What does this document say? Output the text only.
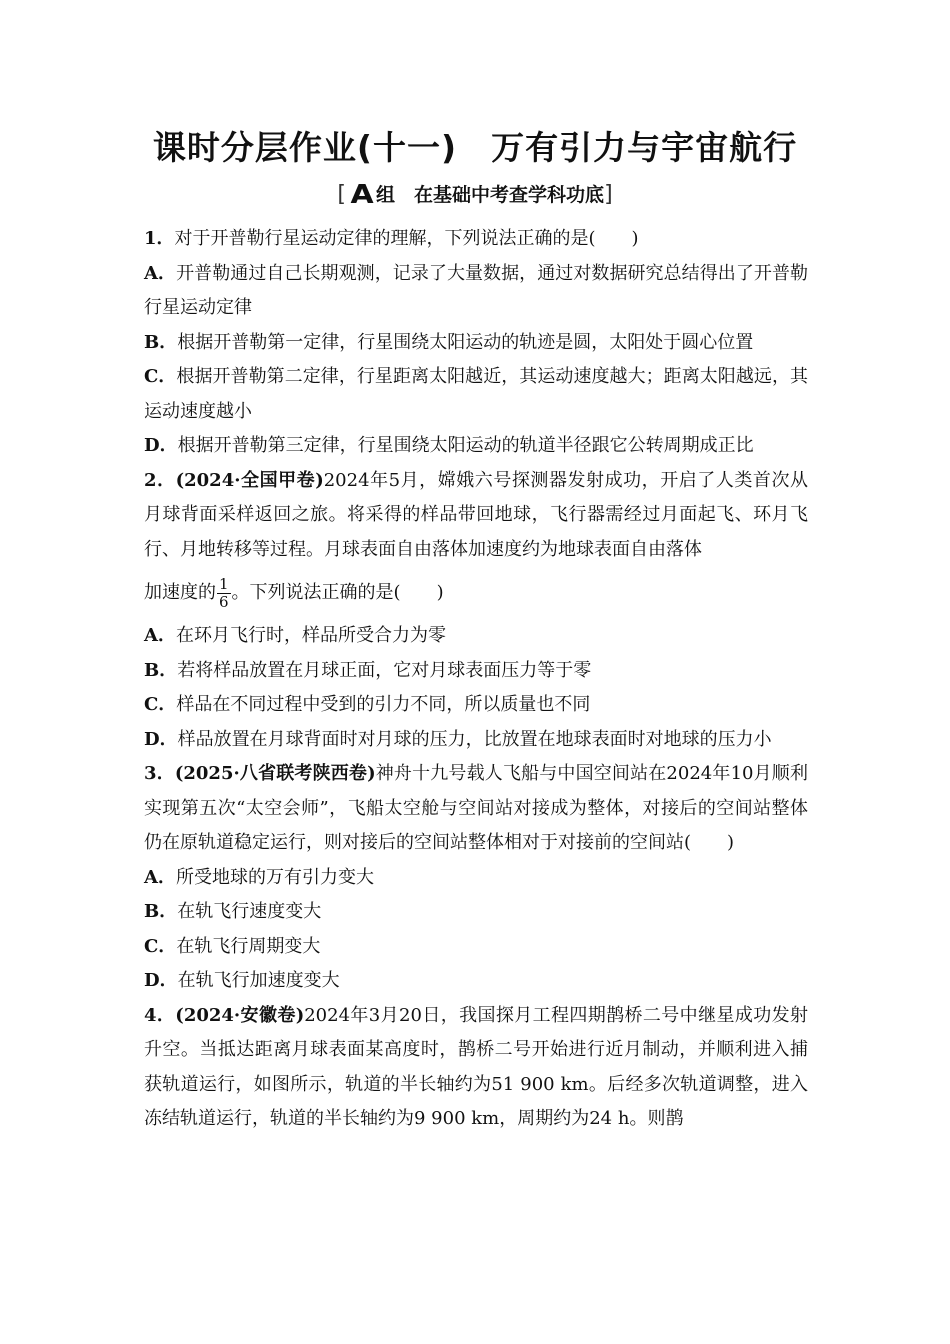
课时分层作业(十一)　万有引力与宇宙航行
[ A 组　在基础中考查学科功底]
1．对于开普勒行星运动定律的理解，下列说法正确的是(　　)
A．开普勒通过自己长期观测，记录了大量数据，通过对数据研究总结得出了开普勒行星运动定律
B．根据开普勒第一定律，行星围绕太阳运动的轨迹是圆，太阳处于圆心位置
C．根据开普勒第二定律，行星距离太阳越近，其运动速度越大；距离太阳越远，其运动速度越小
D．根据开普勒第三定律，行星围绕太阳运动的轨道半径跟它公转周期成正比
2．(2024·全国甲卷)2024年5月，嫦娥六号探测器发射成功，开启了人类首次从月球背面采样返回之旅。将采得的样品带回地球，飞行器需经过月面起飞、环月飞行、月地转移等过程。月球表面自由落体加速度约为地球表面自由落体
加速度的 $\frac{1}{6}$ 。下列说法正确的是(　　)
A．在环月飞行时，样品所受合力为零
B．若将样品放置在月球正面，它对月球表面压力等于零
C．样品在不同过程中受到的引力不同，所以质量也不同
D．样品放置在月球背面时对月球的压力，比放置在地球表面时对地球的压力小
3．(2025·八省联考陕西卷)神舟十九号载人飞船与中国空间站在2024年10月顺利实现第五次“太空会师”，飞船太空舱与空间站对接成为整体，对接后的空间站整体仍在原轨道稳定运行，则对接后的空间站整体相对于对接前的空间站(　　)
A．所受地球的万有引力变大
B．在轨飞行速度变大
C．在轨飞行周期变大
D．在轨飞行加速度变大
4．(2024·安徽卷)2024年3月20日，我国探月工程四期鹊桥二号中继星成功发射升空。当抵达距离月球表面某高度时，鹊桥二号开始进行近月制动，并顺利进入捕获轨道运行，如图所示，轨道的半长轴约为51 900 km。后经多次轨道调整，进入冻结轨道运行，轨道的半长轴约为9 900 km，周期约为24 h。则鹊
